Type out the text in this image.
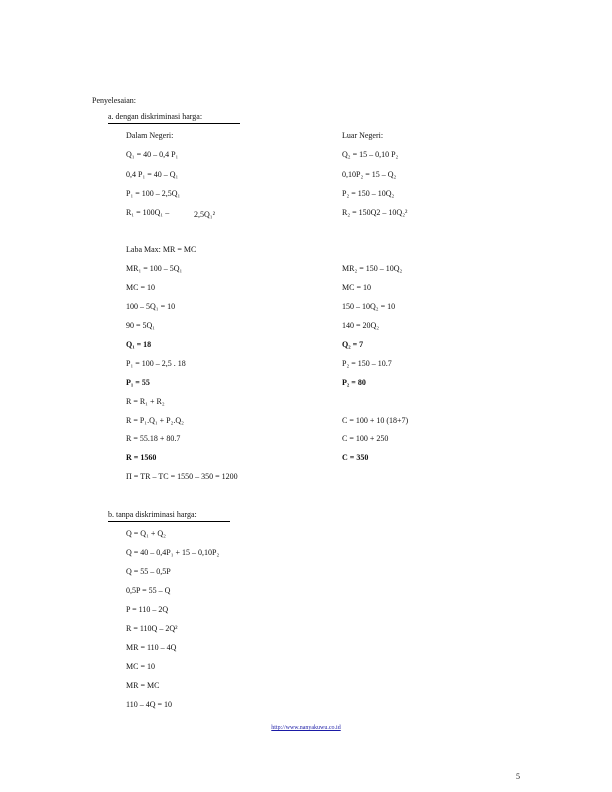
Penyelesaian:
a. dengan diskriminasi harga:
Dalam Negeri:	Luar Negeri:
Q₁ = 40 – 0,4 P₁
0,4 P₁ = 40 – Q₁
P₁ = 100 – 2,5Q₁
R₁ = 100Q₁ –	2,5Q₁²
Q₂ = 15 – 0,10 P₂
0,10P₂ = 15 – Q₂
P₂ = 150 – 10Q₂
R₂ = 150Q2 – 10Q₂²
Laba Max: MR = MC
MR₁ = 100 – 5Q₁
MC = 10
100 – 5Q₁ = 10
90 = 5Q₁
Q₁ = 18
P₁ = 100 – 2,5 . 18
P₁ = 55
R = R₁ + R₂
R = P₁.Q₁ + P₂.Q₂
R = 55.18 + 80.7
R = 1560
MR₂ = 150 – 10Q₂
MC = 10
150 – 10Q₂ = 10
140 = 20Q₂
Q₂ = 7
P₂ = 150 – 10.7
P₂ = 80
C = 100 + 10 (18+7)
C = 100 + 250
C = 350
Π = TR – TC = 1550 – 350 = 1200
b. tanpa diskriminasi harga:
Q = Q₁ + Q₂
Q = 40 – 0,4P₁ + 15 – 0,10P₂
Q = 55 – 0,5P
0,5P = 55 – Q
P = 110 – 2Q
R = 110Q – 2Q²
MR = 110 – 4Q
MC = 10
MR = MC
110 – 4Q = 10
http://www.nanyakuwu.co.id
5
